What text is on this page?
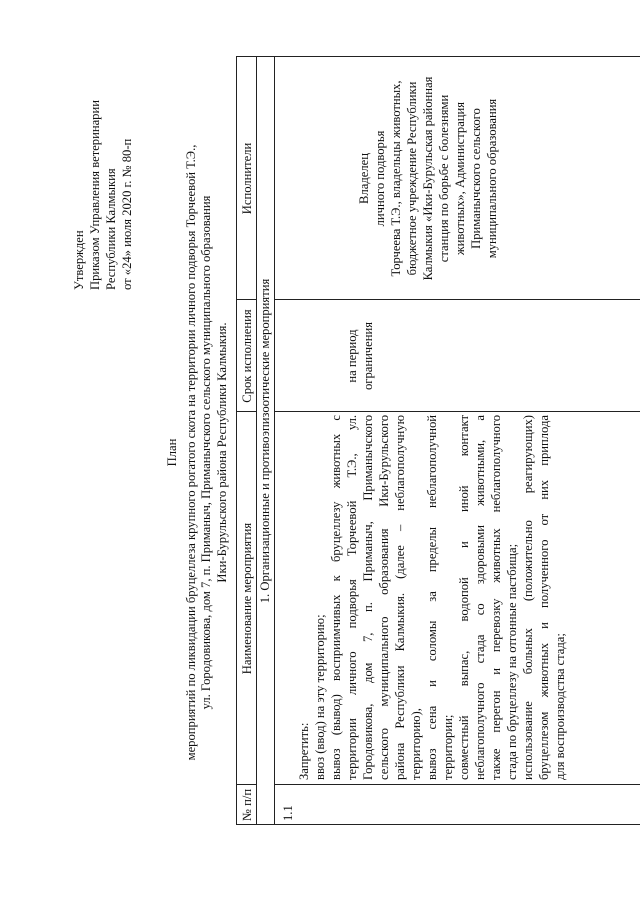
Утвержден Приказом Управления ветеринарии Республики Калмыкия от «24» июля 2020 г. № 80-п
План мероприятий по ликвидации бруцеллеза крупного рогатого скота на территории личного подворья Торчеевой Т.Э., ул. Городовикова, дом 7, п. Приманыч, Приманычского сельского муниципального образования Ики-Бурульского района Республики Калмыкия.
№ п/п
Наименование мероприятия
Срок исполнения
Исполнители
1. Организационные и противоэпизоотические мероприятия
1.1
Запретить: ввоз (ввод) на эту территорию; вывоз (вывод) восприимчивых к бруцеллезу животных с территории личного подворья Торчеевой Т.Э., ул. Городовикова, дом 7, п. Приманыч, Приманычского сельского муниципального образования Ики-Бурульского района Республики Калмыкия. (далее – неблагополучную территорию), вывоз сена и соломы за пределы неблагополучной территории; совместный выпас, водопой и иной контакт неблагополучного стада со здоровыми животными, а также перегон и перевозку животных неблагополучного стада по бруцеллезу на отгонные пастбища; использование больных (положительно реагирующих) бруцеллезом животных и полученного от них приплода для воспроизводства стада;
на период ограничения
Владелец личного подворья Торчеева Т.Э., владельцы животных, бюджетное учреждение Республики Калмыкия «Ики-Бурульская районная станция по борьбе с болезнями животных», Администрация Приманычского сельского муниципального образования
